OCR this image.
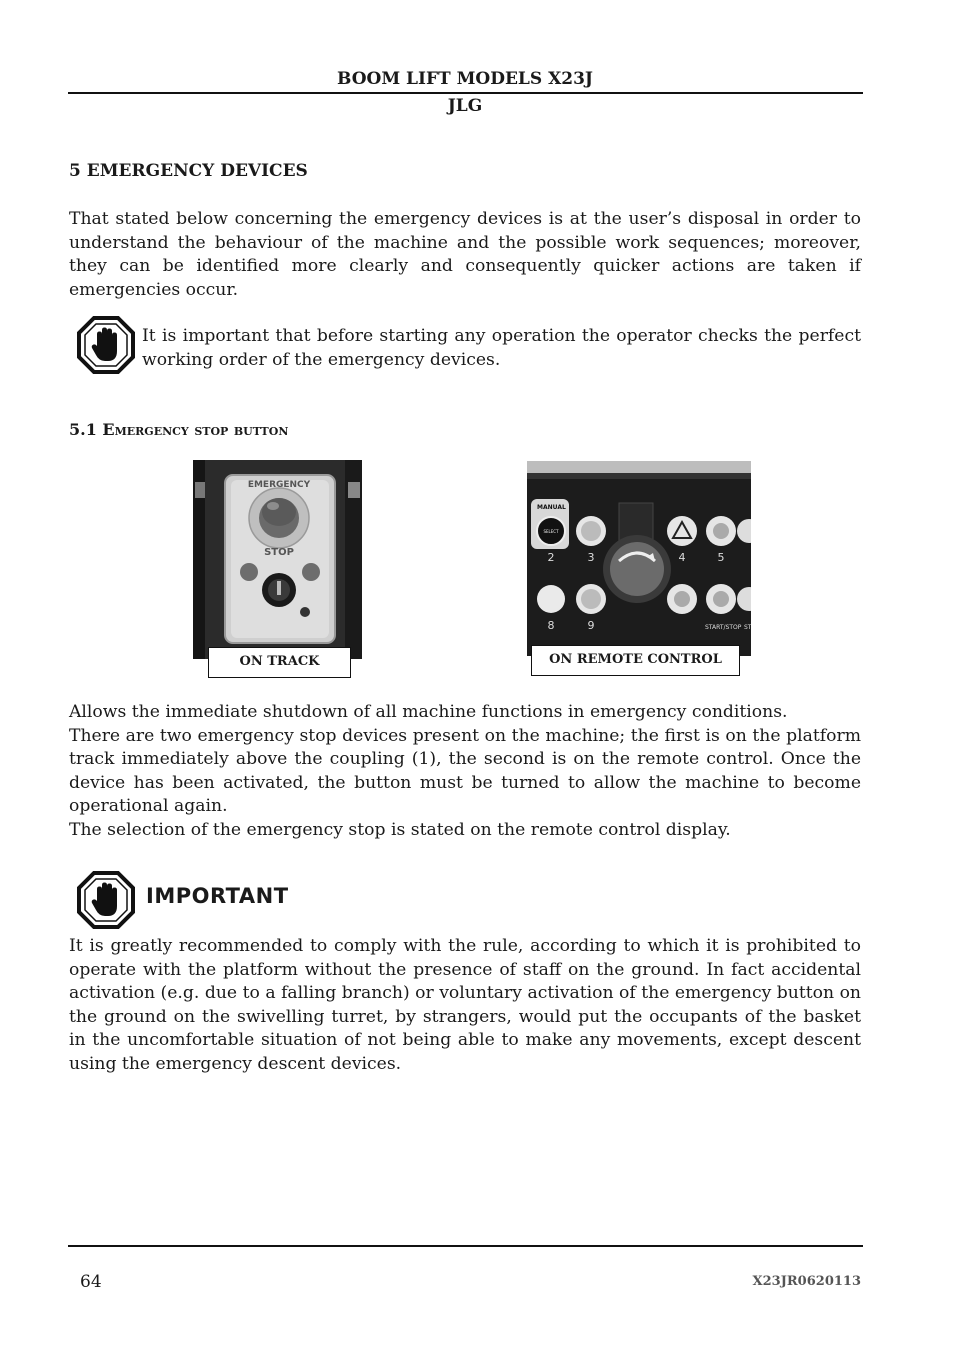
BOOM LIFT MODELS X23J
JLG
5 EMERGENCY DEVICES

That stated below concerning the emergency devices is at the user’s disposal in order to understand the behaviour of the machine and the possible work sequences; moreover, they can be identified more clearly and consequently quicker actions are taken if emergencies occur.

It is important that before starting any operation the operator checks the perfect working order of the emergency devices.

5.1 Emergency stop button
EMERGENCY
STOP
ON TRACK
MANUAL
SELECT
2	3	4	5
8	9	START/STOP ST
ON REMOTE CONTROL
Allows the immediate shutdown of all machine functions in emergency conditions.
There are two emergency stop devices present on the machine; the first is on the platform track immediately above the coupling (1), the second is on the remote control. Once the device has been activated, the button must be turned to allow the machine to become operational again.
The selection of the emergency stop is stated on the remote control display.
IMPORTANT

It is greatly recommended to comply with the rule, according to which it is prohibited to operate with the platform without the presence of staff on the ground. In fact accidental activation (e.g. due to a falling branch) or voluntary activation of the emergency button on the ground on the swivelling turret, by strangers, would put the occupants of the basket in the uncomfortable situation of not being able to make any movements, except descent using the emergency descent devices.

64	X23JR0620113
